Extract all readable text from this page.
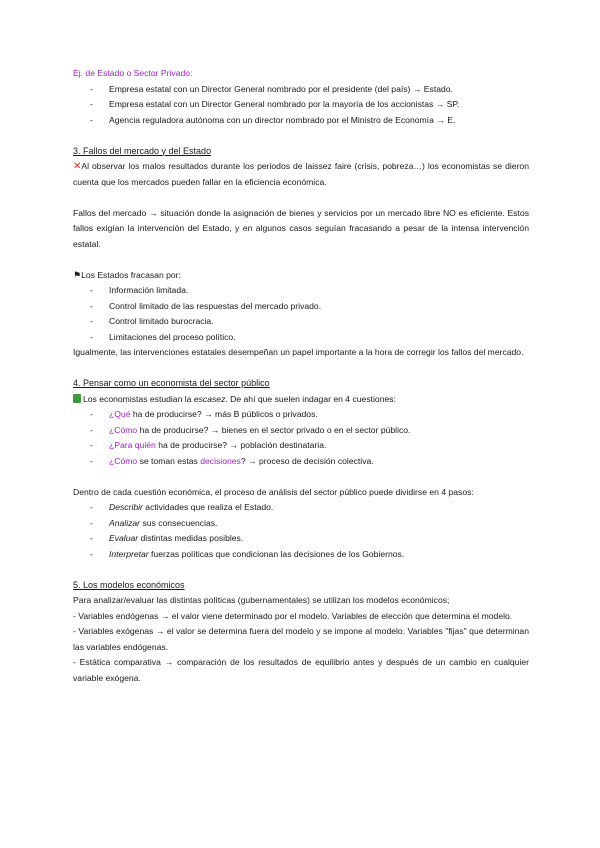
Ej. de Estado o Sector Privado:

- Empresa estatal con un Director General nombrado por el presidente (del país) → Estado.
- Empresa estatal con un Director General nombrado por la mayoría de los accionistas → SP.
- Agencia reguladora autónoma con un director nombrado por el Ministro de Economía → E.

3. Fallos del mercado y del Estado

✕Al observar los malos resultados durante los periodos de laissez faire (crisis, pobreza…) los economistas se dieron cuenta que los mercados pueden fallar en la eficiencia económica.

Fallos del mercado → situación donde la asignación de bienes y servicios por un mercado libre NO es eficiente. Estos fallos exigían la intervención del Estado, y en algunos casos seguían fracasando a pesar de la intensa intervención estatal.

⚑Los Estados fracasan por:

- Información limitada.
- Control limitado de las respuestas del mercado privado.
- Control limitado burocracia.
- Limitaciones del proceso político.

Igualmente, las intervenciones estatales desempeñan un papel importante a la hora de corregir los fallos del mercado.

4. Pensar como un economista del sector público

Los economistas estudian la escasez. De ahí que suelen indagar en 4 cuestiones:

- ¿Qué ha de producirse? → más B públicos o privados.
- ¿Cómo ha de producirse? → bienes en el sector privado o en el sector público.
- ¿Para quién ha de producirse? → población destinataria.
- ¿Cómo se toman estas decisiones? → proceso de decisión colectiva.

Dentro de cada cuestión económica, el proceso de análisis del sector público puede dividirse en 4 pasos:

- Describir actividades que realiza el Estado.
- Analizar sus consecuencias.
- Evaluar distintas medidas posibles.
- Interpretar fuerzas políticas que condicionan las decisiones de los Gobiernos.

5. Los modelos económicos

Para analizar/evaluar las distintas políticas (gubernamentales) se utilizan los modelos económicos;

- Variables endógenas → el valor viene determinado por el modelo. Variables de elección que determina el modelo.

- Variables exógenas → el valor se determina fuera del modelo y se impone al modelo. Variables "fijas" que determinan las variables endógenas.

- Estática comparativa → comparación de los resultados de equilibrio antes y después de un cambio en cualquier variable exógena.
